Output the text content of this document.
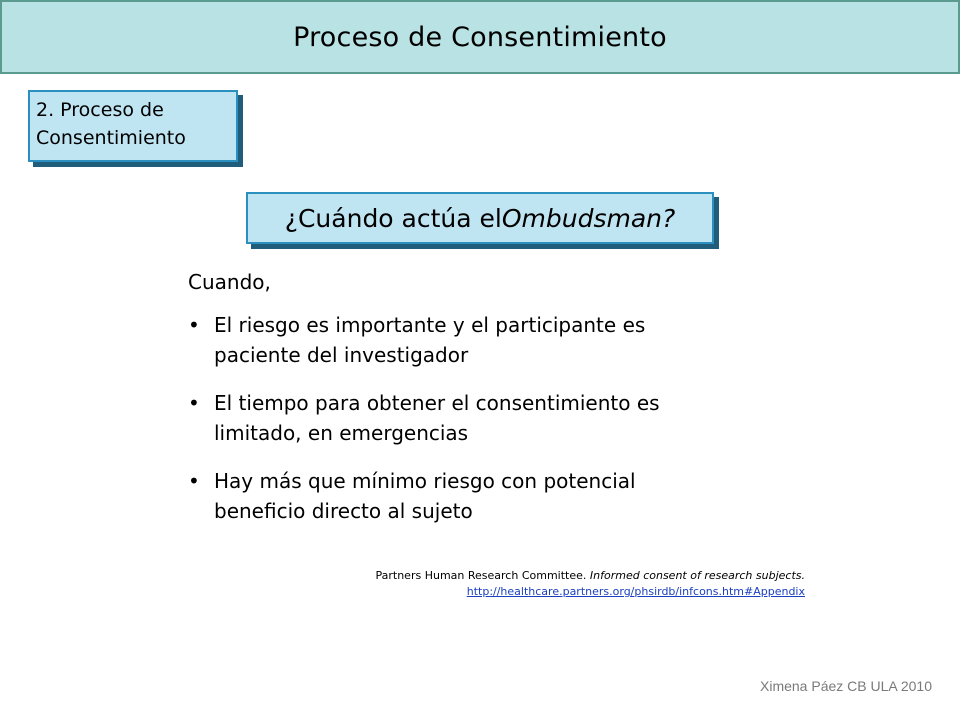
Proceso de Consentimiento
2. Proceso de
Consentimiento
¿Cuándo actúa el Ombudsman?
Cuando,
• El riesgo es importante y el participante es
paciente del investigador
• El tiempo para obtener el consentimiento es
limitado, en emergencias
• Hay más que mínimo riesgo con potencial
beneficio directo al sujeto
Partners Human Research Committee. Informed consent of research subjects.
http://healthcare.partners.org/phsirdb/infcons.htm#Appendix
Ximena Páez CB ULA 2010
